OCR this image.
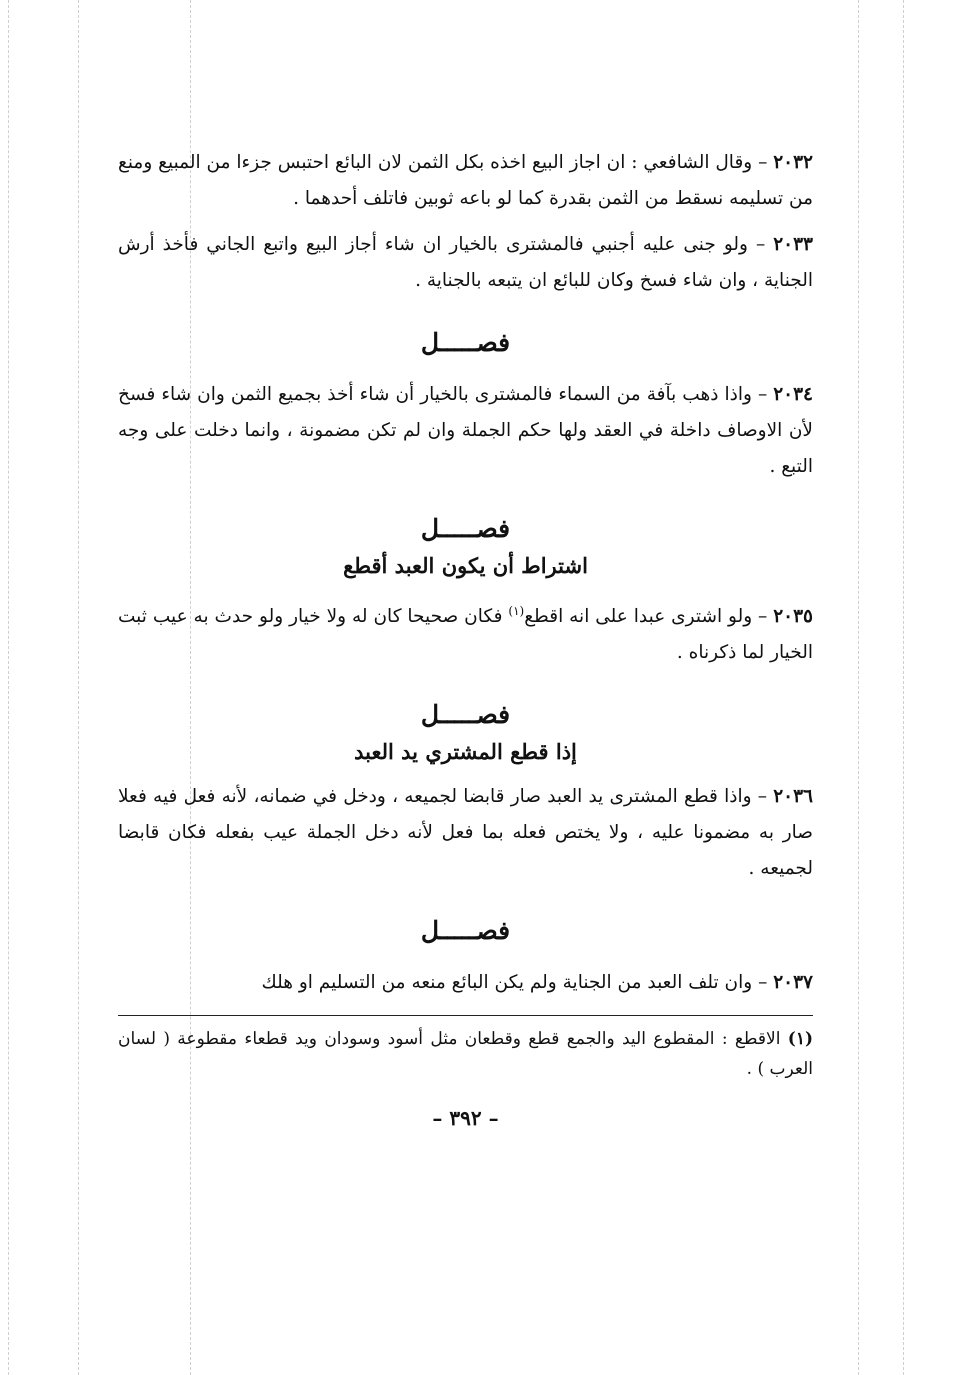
٢٠٣٢ – وقال الشافعي : ان اجاز البيع اخذه بكل الثمن لان البائع احتبس جزءا من المبيع ومنع من تسليمه نسقط من الثمن بقدرة كما لو باعه ثوبين فاتلف أحدهما .

٢٠٣٣ – ولو جنى عليه أجنبي فالمشترى بالخيار ان شاء أجاز البيع واتبع الجاني فأخذ أرش الجناية ، وان شاء فسخ وكان للبائع ان يتبعه بالجناية .

فصـــــل

٢٠٣٤ – واذا ذهب بآفة من السماء فالمشترى بالخيار أن شاء أخذ بجميع الثمن وان شاء فسخ لأن الاوصاف داخلة في العقد ولها حكم الجملة وان لم تكن مضمونة ، وانما دخلت على وجه التبع .

فصـــــل

اشتراط أن يكون العبد أقطع

٢٠٣٥ – ولو اشترى عبدا على انه اقطع$^{(١)}$ فكان صحيحا كان له ولا خيار ولو حدث به عيب ثبت الخيار لما ذكرناه .

فصـــــل

إذا قطع المشتري يد العبد

٢٠٣٦ – واذا قطع المشترى يد العبد صار قابضا لجميعه ، ودخل في ضمانه، لأنه فعل فيه فعلا صار به مضمونا عليه ، ولا يختص فعله بما فعل لأنه دخل الجملة عيب بفعله فكان قابضا لجميعه .

فصـــــل

٢٠٣٧ – وان تلف العبد من الجناية ولم يكن البائع منعه من التسليم او هلك

(١) الاقطع : المقطوع اليد والجمع قطع وقطعان مثل أسود وسودان ويد قطعاء مقطوعة ( لسان العرب ) .

– ٣٩٢ –
